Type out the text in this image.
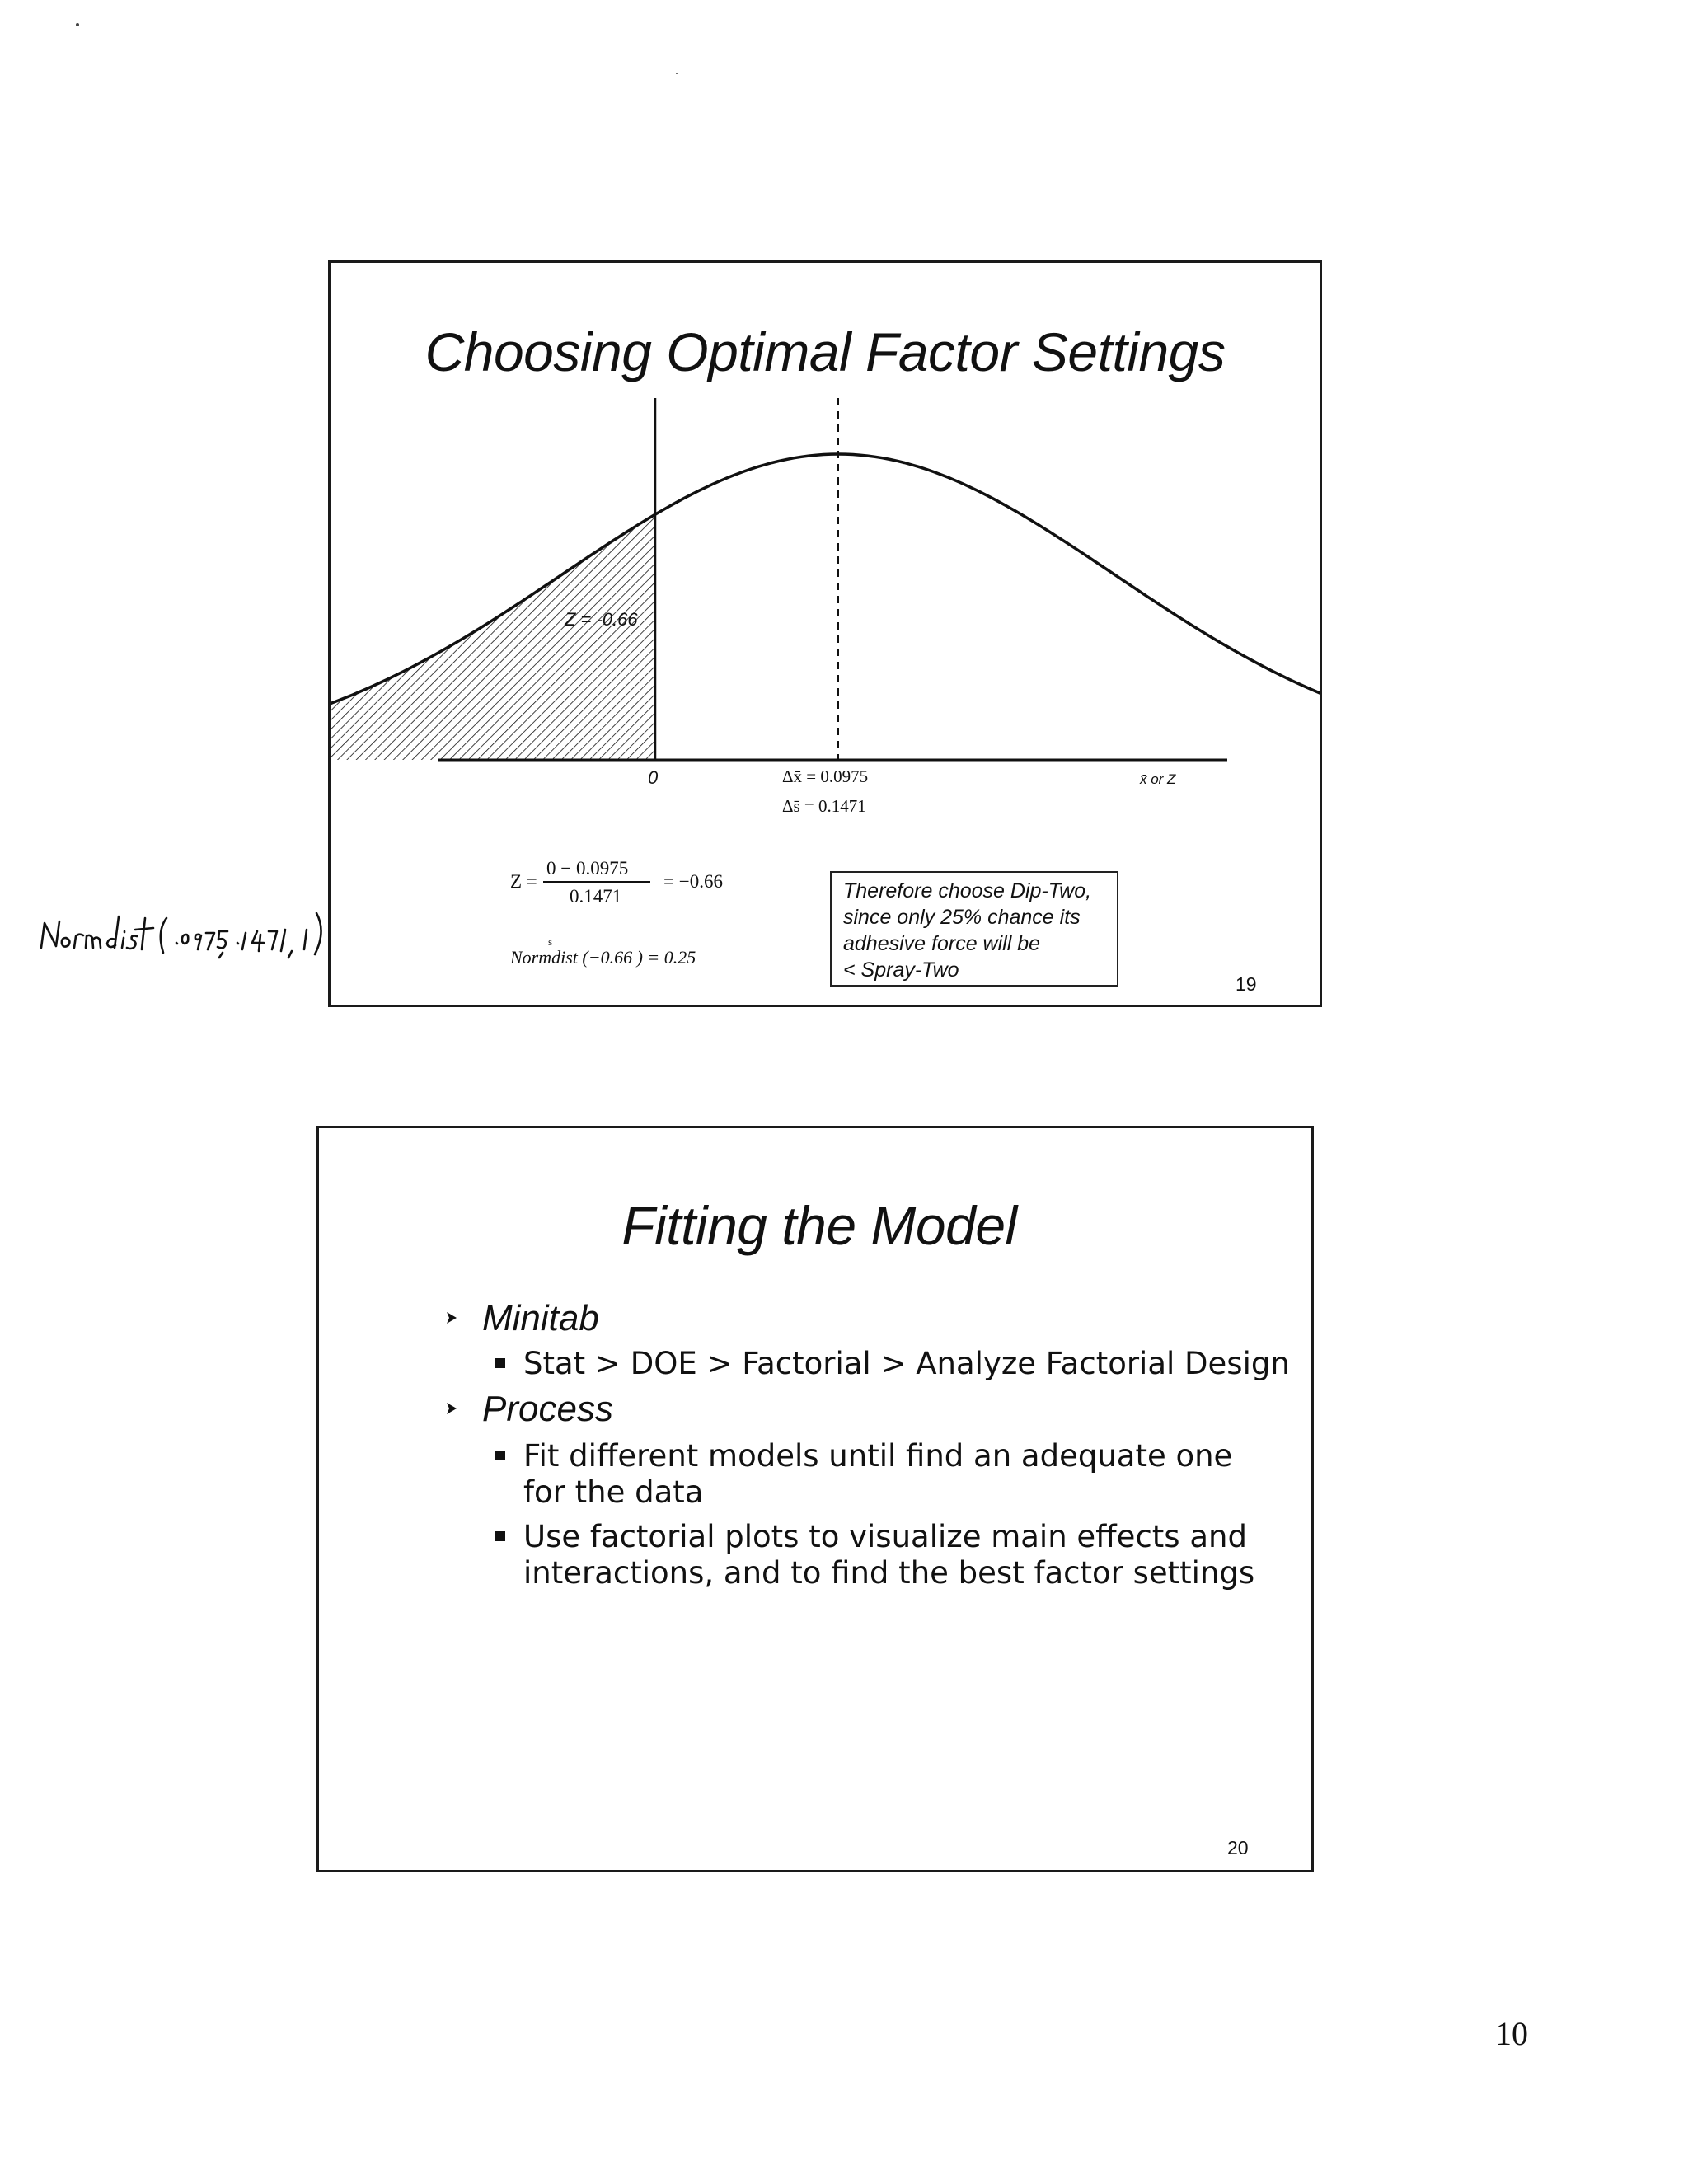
Choosing Optimal Factor Settings
Z = -0.66
0	Δx̄ = 0.0975
Δs̄ = 0.1471
x̄ or Z
Z =
0 − 0.0975
0.1471
= −0.66
Normdist (−0.66 ) = 0.25
s
Therefore choose Dip-Two,
since only 25% chance its
adhesive force will be
< Spray-Two
19
Fitting the Model
Minitab
Stat > DOE > Factorial > Analyze Factorial Design
Process
Fit different models until find an adequate one
for the data
Use factorial plots to visualize main effects and
interactions, and to find the best factor settings
20
10
